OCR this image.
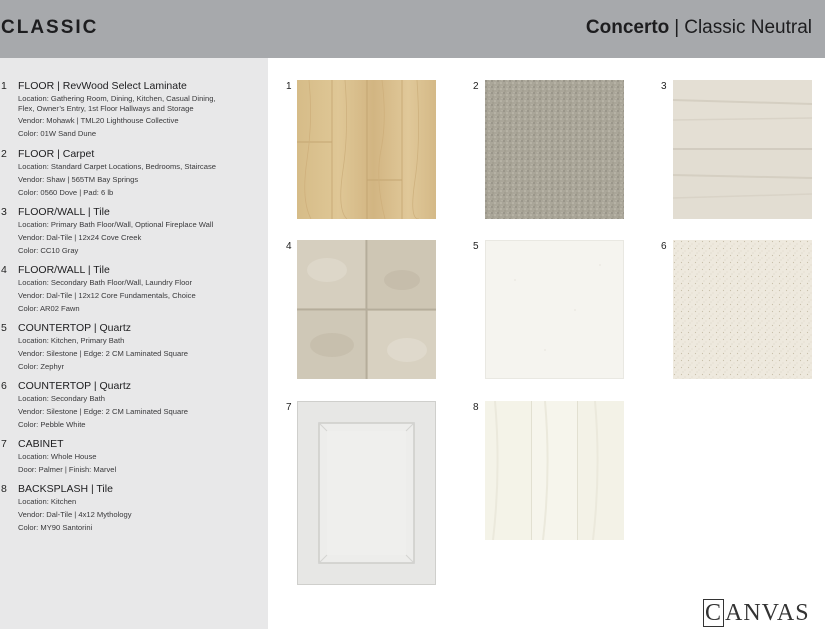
CLASSIC	Concerto | Classic Neutral
1 FLOOR | RevWood Select Laminate
Location: Gathering Room, Dining, Kitchen, Casual Dining,
Flex, Owner’s Entry, 1st Floor Hallways and Storage
Vendor: Mohawk | TML20 Lighthouse Collective
Color: 01W Sand Dune
2 FLOOR | Carpet
Location: Standard Carpet Locations, Bedrooms, Staircase
Vendor: Shaw | 565TM Bay Springs
Color: 0560 Dove | Pad: 6 lb
3 FLOOR/WALL | Tile
Location: Primary Bath Floor/Wall, Optional Fireplace Wall
Vendor: Dal-Tile | 12x24 Cove Creek
Color: CC10 Gray
4 FLOOR/WALL | Tile
Location: Secondary Bath Floor/Wall, Laundry Floor
Vendor: Dal-Tile | 12x12 Core Fundamentals, Choice
Color: AR02 Fawn
5 COUNTERTOP | Quartz
Location: Kitchen, Primary Bath
Vendor: Silestone | Edge: 2 CM Laminated Square
Color: Zephyr
6 COUNTERTOP | Quartz
Location: Secondary Bath
Vendor: Silestone | Edge: 2 CM Laminated Square
Color: Pebble White
7 CABINET
Location: Whole House
Door: Palmer | Finish: Marvel
8 BACKSPLASH | Tile
Location: Kitchen
Vendor: Dal-Tile | 4x12 Mythology
Color: MY90 Santorini
1	2	3
4	5	6
7	8
C ANVAS
